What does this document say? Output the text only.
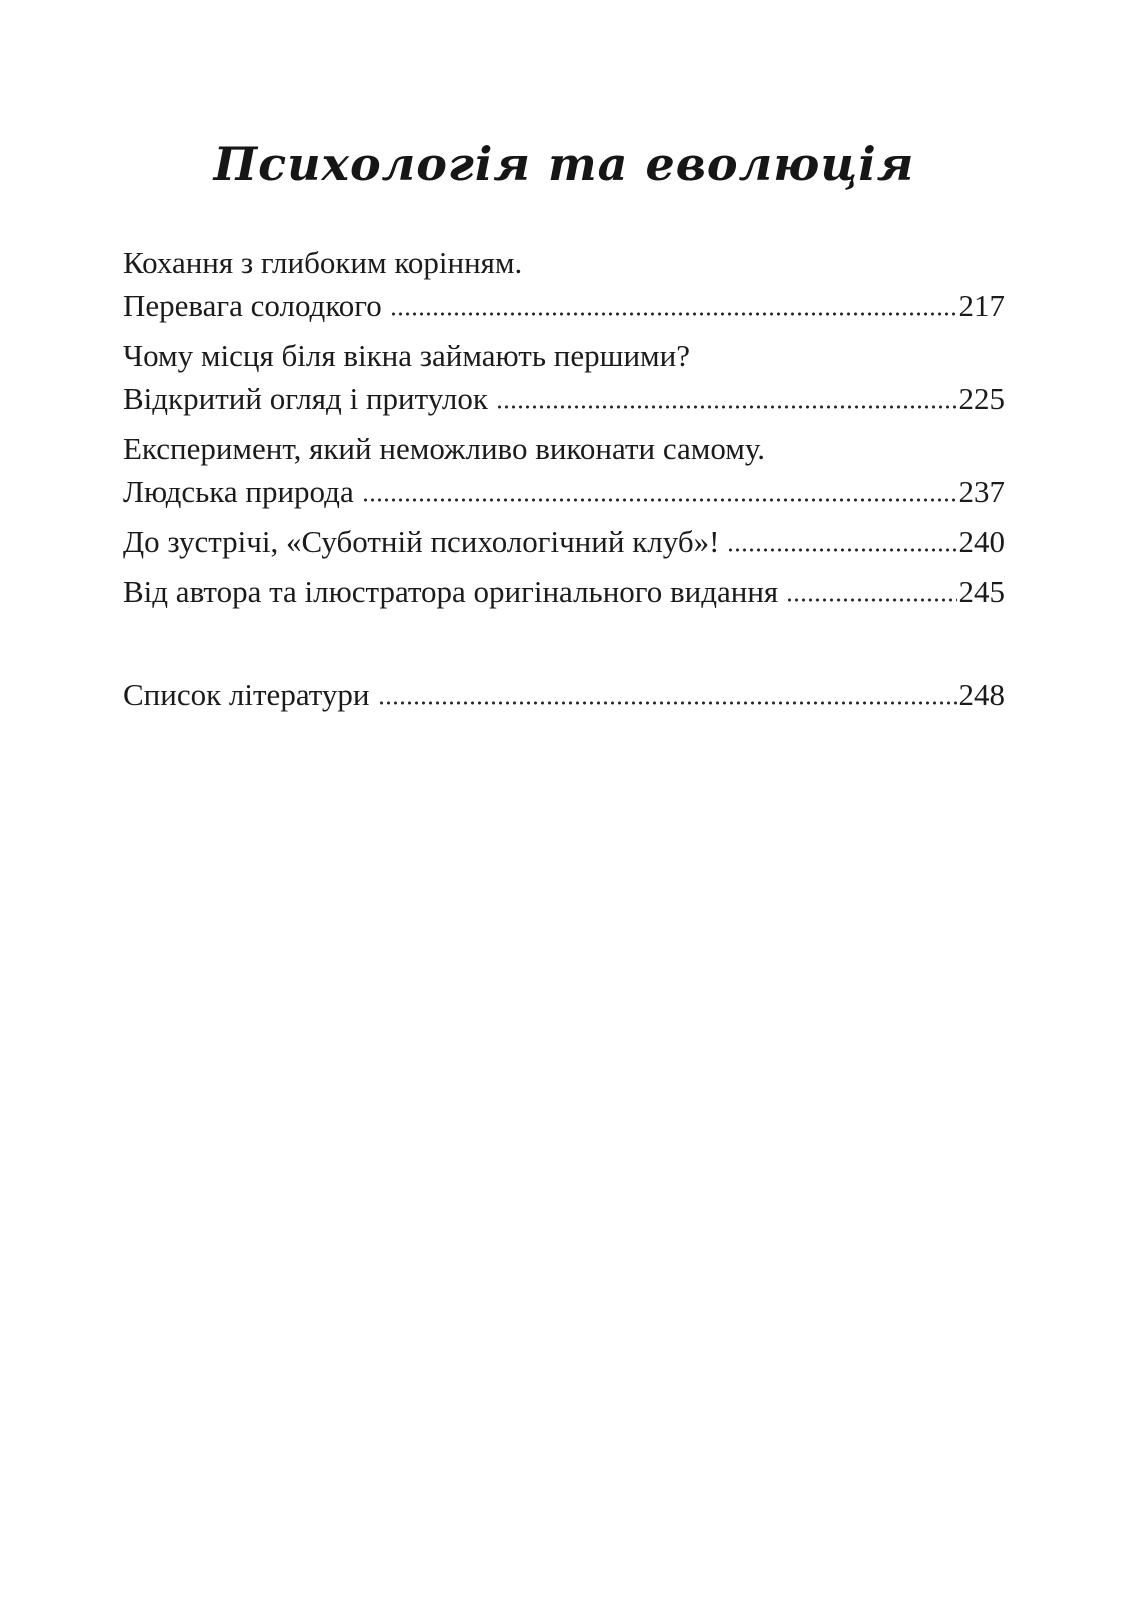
Психологія та еволюція
Кохання з глибоким корінням.
Перевага солодкого	217
Чому місця біля вікна займають першими?
Відкритий огляд і притулок	225
Експеримент, який неможливо виконати самому.
Людська природа	237
До зустрічі, «Суботній психологічний клуб»!	240
Від автора та ілюстратора оригінального видання	245
Список літератури	248
